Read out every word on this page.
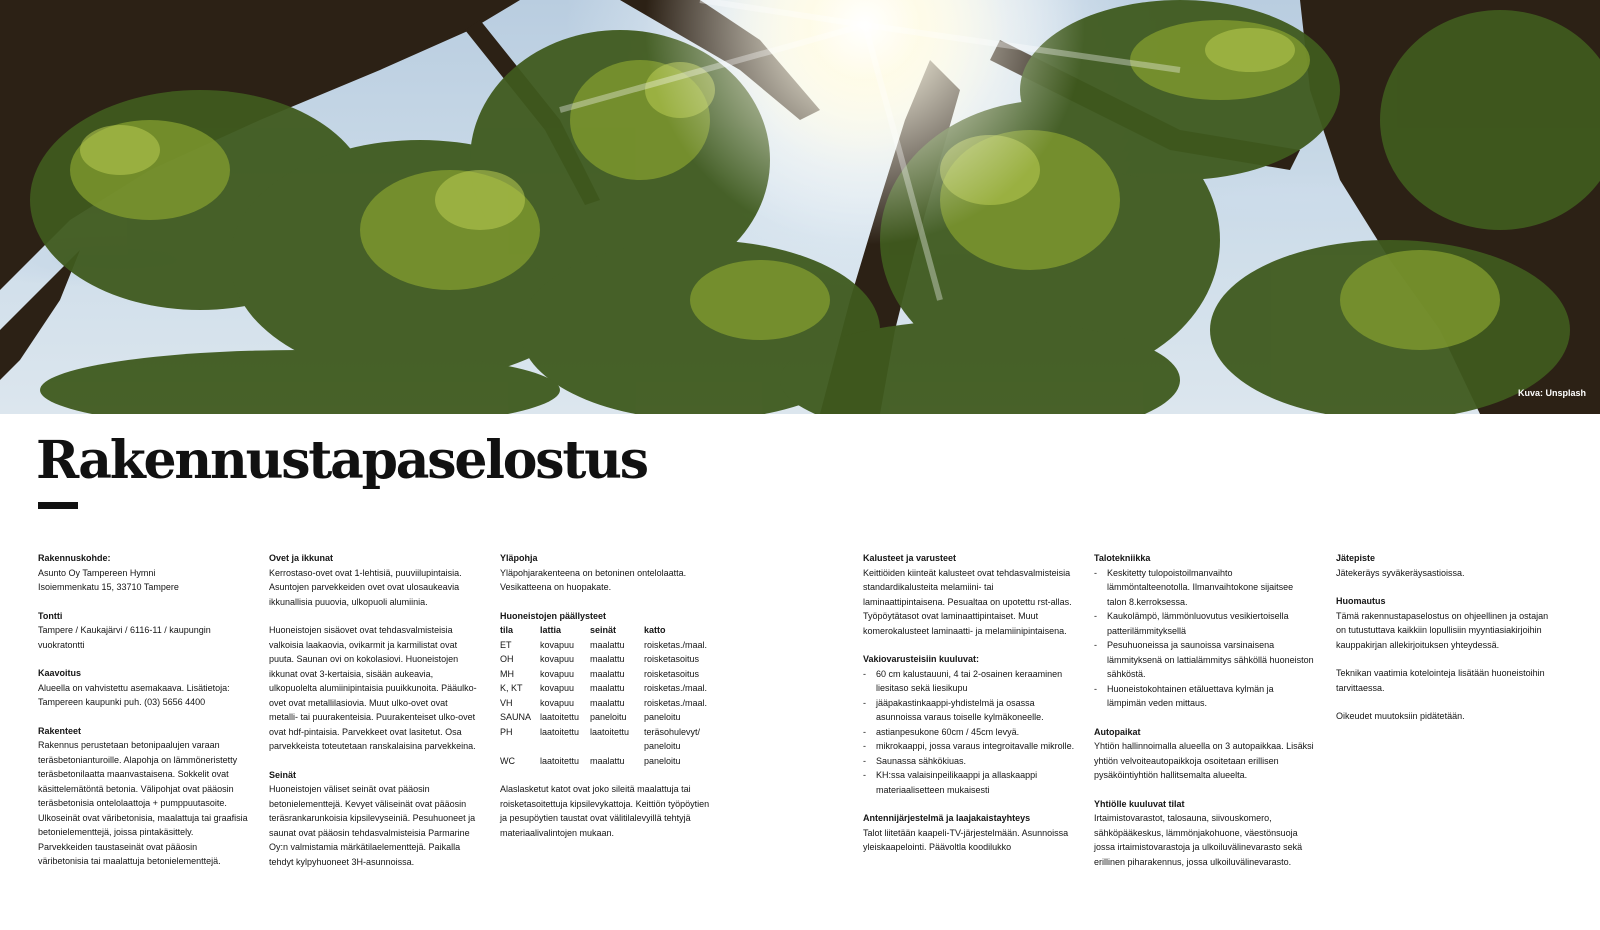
Kuva: Unsplash
Rakennustapaselostus
Rakennuskohde:

Asunto Oy Tampereen Hymni
Isoiemmenkatu 15, 33710 Tampere

Tontti

Tampere / Kaukajärvi / 6116-11 / kaupungin vuokratontti

Kaavoitus

Alueella on vahvistettu asemakaava. Lisätietoja: Tampereen kaupunki puh. (03) 5656 4400

Rakenteet

Rakennus perustetaan betonipaalujen varaan teräsbetonianturoille. Alapohja on lämmöneristetty teräsbetonilaatta maanvastaisena. Sokkelit ovat käsittelemätöntä betonia. Välipohjat ovat pääosin teräsbetonisia ontelolaattoja + pumppuutasoite. Ulkoseinät ovat väribetonisia, maalattuja tai graafisia betonielementtejä, joissa pintakäsittely. Parvekkeiden taustaseinät ovat pääosin väribetonisia tai maalattuja betonielementtejä.

Ovet ja ikkunat

Kerrostaso-ovet ovat 1-lehtisiä, puuviilupintaisia. Asuntojen parvekkeiden ovet ovat ulosaukeavia ikkunallisia puuovia, ulkopuoli alumiinia.

Huoneistojen sisäovet ovat tehdasvalmisteisia valkoisia laakaovia, ovikarmit ja karmilistat ovat puuta. Saunan ovi on kokolasiovi. Huoneistojen ikkunat ovat 3-kertaisia, sisään aukeavia, ulkopuolelta alumiinipintaisia puuikkunoita. Pääulko-ovet ovat metallilasiovia. Muut ulko-ovet ovat metalli- tai puurakenteisia. Puurakenteiset ulko-ovet ovat hdf-pintaisia. Parvekkeet ovat lasitetut. Osa parvekkeista toteutetaan ranskalaisina parvekkeina.

Seinät

Huoneistojen väliset seinät ovat pääosin betonielementtejä. Kevyet väliseinät ovat pääosin teräsrankarunkoisia kipsilevyseiniä. Pesuhuoneet ja saunat ovat pääosin tehdasvalmisteisia Parmarine Oy:n valmistamia märkätilaelementtejä. Paikalla tehdyt kylpyhuoneet 3H-asunnoissa.

Yläpohja

Yläpohjarakenteena on betoninen ontelolaatta. Vesikatteena on huopakate.

Huoneistojen päällysteet
tila	lattia	seinät	katto
ET	kovapuu	maalattu	roisketas./maal.
OH	kovapuu	maalattu	roisketasoitus
MH	kovapuu	maalattu	roisketasoitus
K, KT	kovapuu	maalattu	roisketas./maal.
VH	kovapuu	maalattu	roisketas./maal.
SAUNA	laatoitettu	paneloitu	paneloitu
PH	laatoitettu	laatoitettu	teräsohulevyt/ paneloitu
WC	laatoitettu	maalattu	paneloitu

Alaslasketut katot ovat joko sileitä maalattuja tai roisketasoitettuja kipsilevykattoja. Keittiön työpöytien ja pesupöytien taustat ovat välitilalevyillä tehtyjä materiaalivalintojen mukaan.

Kalusteet ja varusteet

Keittiöiden kiinteät kalusteet ovat tehdasvalmisteisia standardikalusteita melamiini- tai laminaattipintaisena. Pesualtaa on upotettu rst-allas. Työpöytätasot ovat laminaattipintaiset. Muut komerokalusteet laminaatti- ja melamiinipintaisena.

Vakiovarusteisiin kuuluvat:
- 60 cm kalustauuni, 4 tai 2-osainen keraaminen liesitaso sekä liesikupu
- jääpakastinkaappi-yhdistelmä ja osassa asunnoissa varaus toiselle kylmäkoneelle.
- astianpesukone 60cm / 45cm levyä.
- mikrokaappi, jossa varaus integroitavalle mikrolle.
- Saunassa sähkökiuas.
- KH:ssa valaisinpeilikaappi ja allaskaappi materiaalisetteen mukaisesti
Antennijärjestelmä ja laajakaistayhteys

Talot liitetään kaapeli-TV-järjestelmään. Asunnoissa yleiskaapelointi. Päävoltla koodilukko

Talotekniikka
- Keskitetty tulopoistoilmanvaihto lämmöntalteenotolla. Ilmanvaihtokone sijaitsee talon 8.kerroksessa.
- Kaukolämpö, lämmönluovutus vesikiertoisella patterilämmityksellä
- Pesuhuoneissa ja saunoissa varsinaisena lämmityksenä on lattialämmitys sähköllä huoneiston sähköstä.
- Huoneistokohtainen etäluettava kylmän ja lämpimän veden mittaus.
Autopaikat

Yhtiön hallinnoimalla alueella on 3 autopaikkaa. Lisäksi yhtiön velvoiteautopaikkoja osoitetaan erillisen pysäköintiyhtiön hallitsemalta alueelta.

Yhtiölle kuuluvat tilat

Irtaimistovarastot, talosauna, siivouskomero, sähköpääkeskus, lämmönjakohuone, väestönsuoja jossa irtaimistovarastoja ja ulkoiluvälinevarasto sekä erillinen piharakennus, jossa ulkoiluvälinevarasto.

Jätepiste

Jätekeräys syväkeräysastioissa.

Huomautus

Tämä rakennustapaselostus on ohjeellinen ja ostajan on tutustuttava kaikkiin lopullisiin myyntiasiakirjoihin kauppakirjan allekirjoituksen yhteydessä.

Teknikan vaatimia kotelointeja lisätään huoneistoihin tarvittaessa.

Oikeudet muutoksiin pidätetään.
